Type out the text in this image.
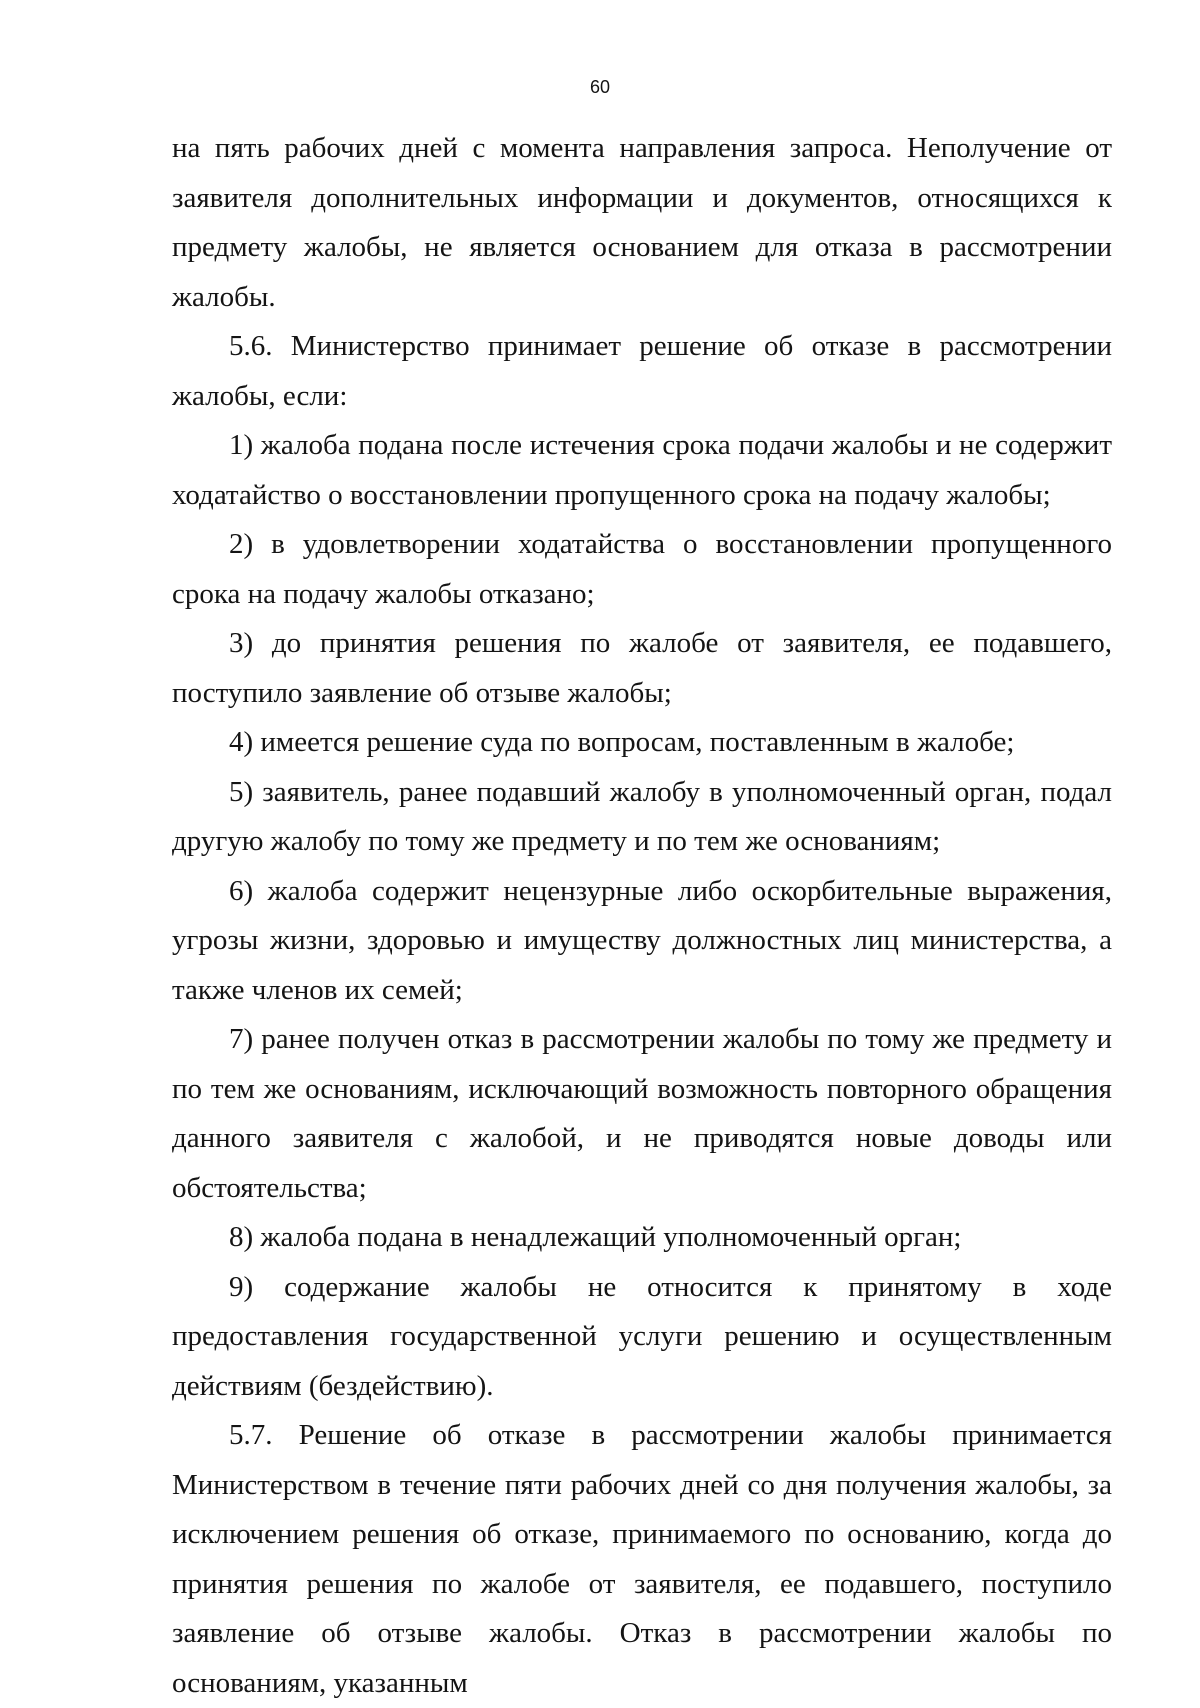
60

на пять рабочих дней с момента направления запроса. Неполучение от заявителя дополнительных информации и документов, относящихся к предмету жалобы, не является основанием для отказа в рассмотрении жалобы.

5.6. Министерство принимает решение об отказе в рассмотрении жалобы, если:

1) жалоба подана после истечения срока подачи жалобы и не содержит ходатайство о восстановлении пропущенного срока на подачу жалобы;

2) в удовлетворении ходатайства о восстановлении пропущенного срока на подачу жалобы отказано;

3) до принятия решения по жалобе от заявителя, ее подавшего, поступило заявление об отзыве жалобы;

4) имеется решение суда по вопросам, поставленным в жалобе;

5) заявитель, ранее подавший жалобу в уполномоченный орган, подал другую жалобу по тому же предмету и по тем же основаниям;

6) жалоба содержит нецензурные либо оскорбительные выражения, угрозы жизни, здоровью и имуществу должностных лиц министерства, а также членов их семей;

7) ранее получен отказ в рассмотрении жалобы по тому же предмету и по тем же основаниям, исключающий возможность повторного обращения данного заявителя с жалобой, и не приводятся новые доводы или обстоятельства;

8) жалоба подана в ненадлежащий уполномоченный орган;

9) содержание жалобы не относится к принятому в ходе предоставления государственной услуги решению и осуществленным действиям (бездействию).

5.7. Решение об отказе в рассмотрении жалобы принимается Министерством в течение пяти рабочих дней со дня получения жалобы, за исключением решения об отказе, принимаемого по основанию, когда до принятия решения по жалобе от заявителя, ее подавшего, поступило заявление об отзыве жалобы. Отказ в рассмотрении жалобы по основаниям, указанным
